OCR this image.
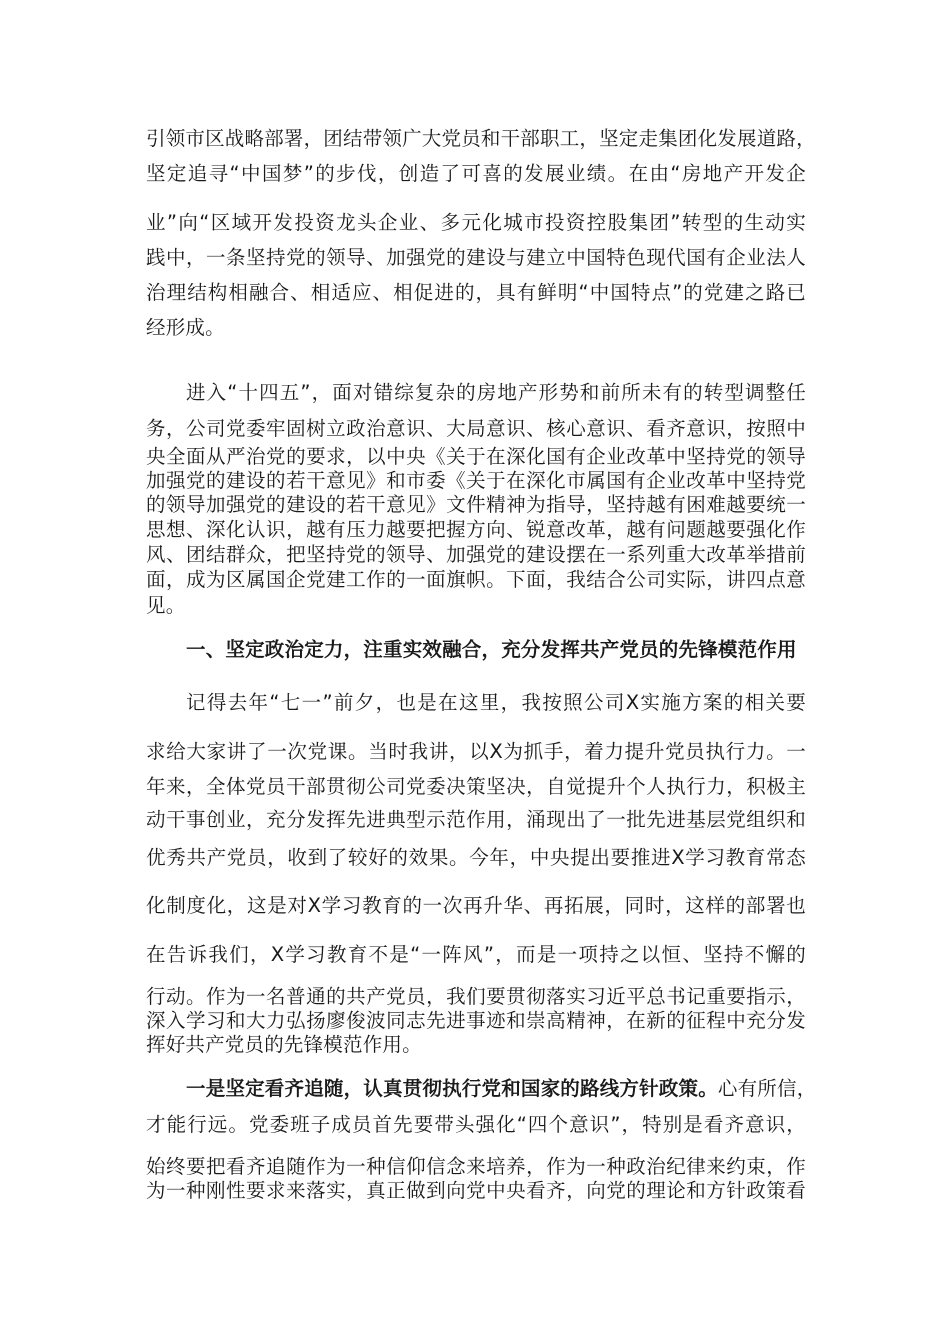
引领市区战略部署，团结带领广大党员和干部职工，坚定走集团化发展道路，
坚定追寻“中国梦”的步伐，创造了可喜的发展业绩。在由“房地产开发企
业”向“区域开发投资龙头企业、多元化城市投资控股集团”转型的生动实
践中，一条坚持党的领导、加强党的建设与建立中国特色现代国有企业法人
治理结构相融合、相适应、相促进的，具有鲜明“中国特点”的党建之路已
经形成。
进入“十四五”，面对错综复杂的房地产形势和前所未有的转型调整任
务，公司党委牢固树立政治意识、大局意识、核心意识、看齐意识，按照中
央全面从严治党的要求，以中央《关于在深化国有企业改革中坚持党的领导
加强党的建设的若干意见》和市委《关于在深化市属国有企业改革中坚持党
的领导加强党的建设的若干意见》文件精神为指导，坚持越有困难越要统一
思想、深化认识，越有压力越要把握方向、锐意改革，越有问题越要强化作
风、团结群众，把坚持党的领导、加强党的建设摆在一系列重大改革举措前
面，成为区属国企党建工作的一面旗帜。下面，我结合公司实际，讲四点意
见。
一、坚定政治定力，注重实效融合，充分发挥共产党员的先锋模范作用
记得去年“七一”前夕，也是在这里，我按照公司X实施方案的相关要
求给大家讲了一次党课。当时我讲，以X为抓手，着力提升党员执行力。一
年来，全体党员干部贯彻公司党委决策坚决，自觉提升个人执行力，积极主
动干事创业，充分发挥先进典型示范作用，涌现出了一批先进基层党组织和
优秀共产党员，收到了较好的效果。今年，中央提出要推进X学习教育常态
化制度化，这是对X学习教育的一次再升华、再拓展，同时，这样的部署也
在告诉我们，X学习教育不是“一阵风”，而是一项持之以恒、坚持不懈的
行动。作为一名普通的共产党员，我们要贯彻落实习近平总书记重要指示，
深入学习和大力弘扬廖俊波同志先进事迹和崇高精神，在新的征程中充分发
挥好共产党员的先锋模范作用。
一是坚定看齐追随，认真贯彻执行党和国家的路线方针政策。心有所信，
才能行远。党委班子成员首先要带头强化“四个意识”，特别是看齐意识，
始终要把看齐追随作为一种信仰信念来培养，作为一种政治纪律来约束，作
为一种刚性要求来落实，真正做到向党中央看齐，向党的理论和方针政策看
